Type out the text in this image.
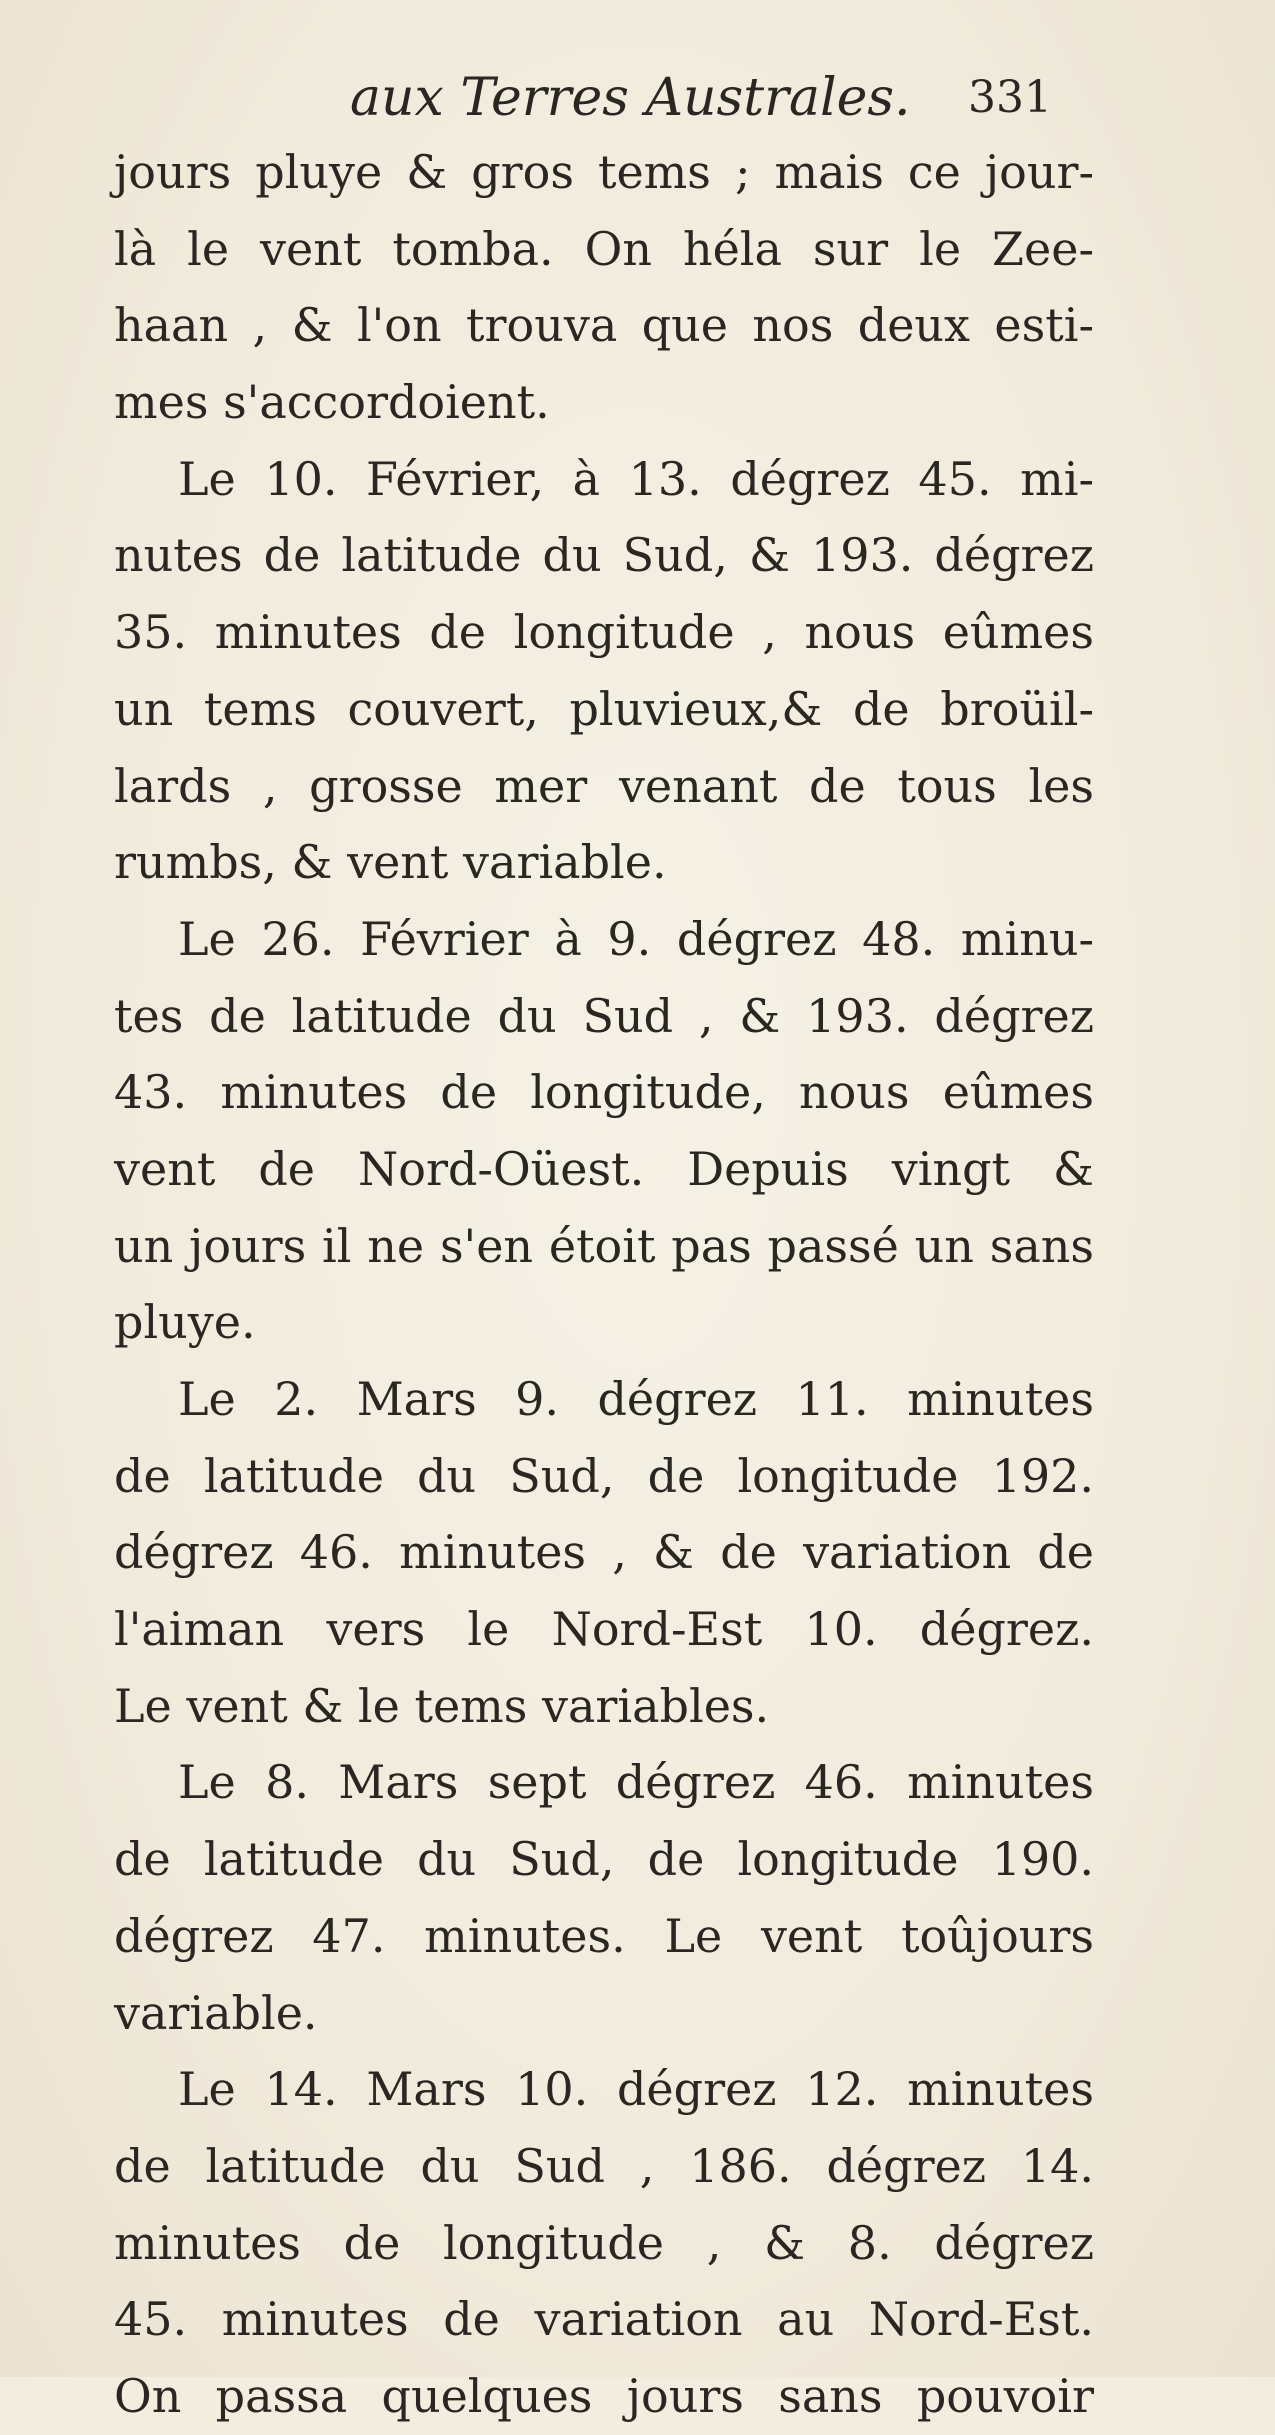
aux Terres Australes. 331
jours pluye & gros tems ; mais ce jour-
là le vent tomba. On héla sur le Zee-
haan , & l'on trouva que nos deux esti-
mes s'accordoient.
Le 10. Février, à 13. dégrez 45. mi-
nutes de latitude du Sud, & 193. dégrez
35. minutes de longitude , nous eûmes
un tems couvert, pluvieux,& de broüil-
lards , grosse mer venant de tous les
rumbs, & vent variable.
Le 26. Février à 9. dégrez 48. minu-
tes de latitude du Sud , & 193. dégrez
43. minutes de longitude, nous eûmes
vent de Nord-Oüest. Depuis vingt &
un jours il ne s'en étoit pas passé un sans
pluye.
Le 2. Mars 9. dégrez 11. minutes
de latitude du Sud, de longitude 192.
dégrez 46. minutes , & de variation de
l'aiman vers le Nord-Est 10. dégrez.
Le vent & le tems variables.
Le 8. Mars sept dégrez 46. minutes
de latitude du Sud, de longitude 190.
dégrez 47. minutes. Le vent toûjours
variable.
Le 14. Mars 10. dégrez 12. minutes
de latitude du Sud , 186. dégrez 14.
minutes de longitude , & 8. dégrez
45. minutes de variation au Nord-Est.
On passa quelques jours sans pouvoir
